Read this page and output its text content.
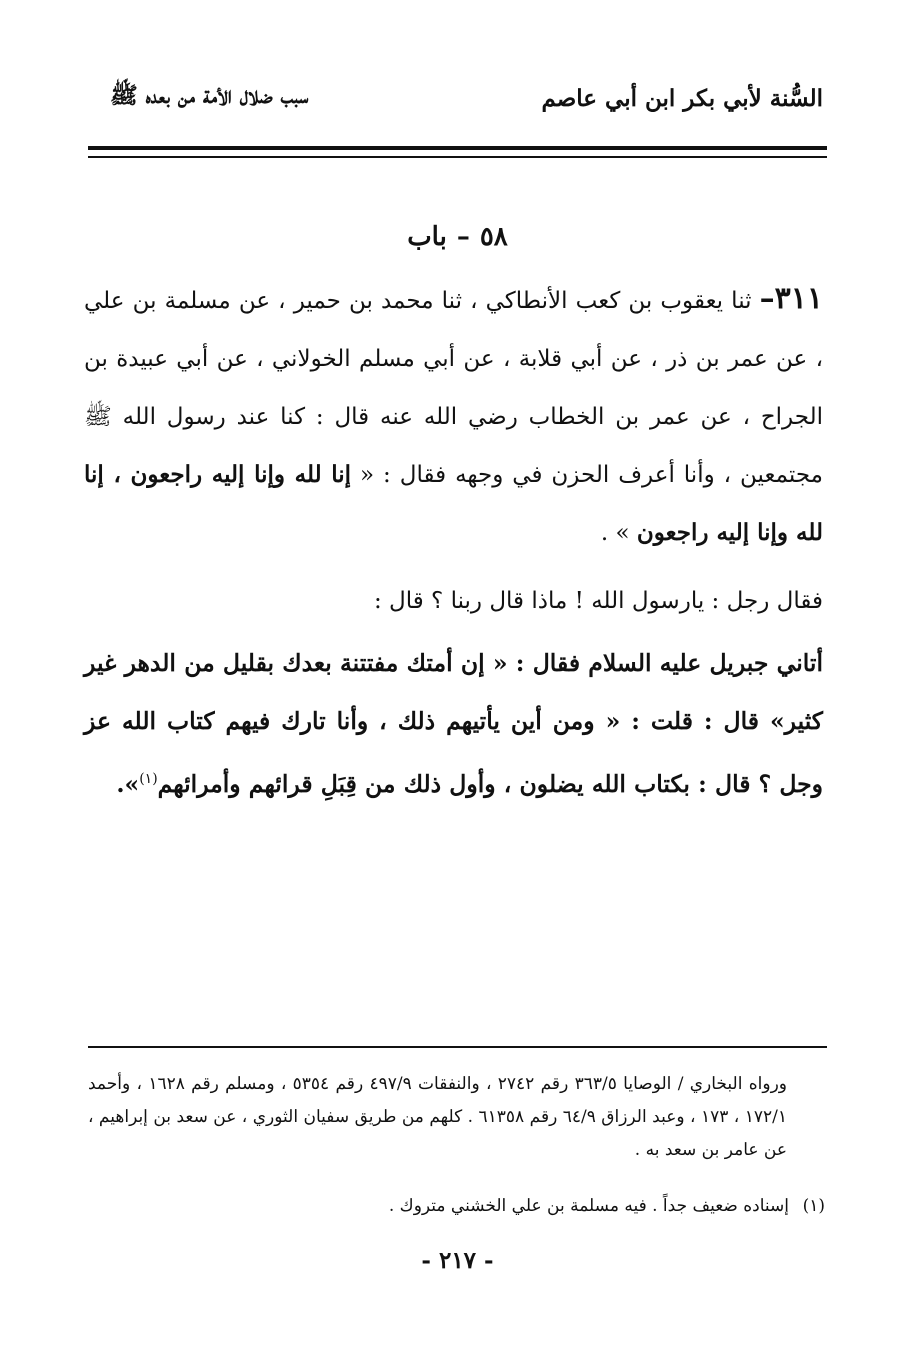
السُّنة لأبي بكر ابن أبي عاصم
سبب ضلال الأمة من بعده ﷺ
٥٨–باب
٣١١– ثنا يعقوب بن كعب الأنطاكي ، ثنا محمد بن حمير ، عن مسلمة بن علي ، عن عمر بن ذر ، عن أبي قلابة ، عن أبي مسلم الخولاني ، عن أبي عبيدة بن الجراح ، عن عمر بن الخطاب رضي الله عنه قال : كنا عند رسول الله ﷺ مجتمعين ، وأنا أعرف الحزن في وجهه فقال : « إنا لله وإنا إليه راجعون ، إنا لله وإنا إليه راجعون » .
فقال رجل : يارسول الله ! ماذا قال ربنا ؟ قال :
أتاني جبريل عليه السلام فقال : « إن أمتك مفتتنة بعدك بقليل من الدهر غير كثير» قال : قلت : « ومن أين يأتيهم ذلك ، وأنا تارك فيهم كتاب الله عز وجل ؟ قال : بكتاب الله يضلون ، وأول ذلك من قِبَلِ قرائهم وأمرائهم$^{(١)}$».
ورواه البخاري / الوصايا ٣٦٣/٥ رقم ٢٧٤٢ ، والنفقات ٤٩٧/٩ رقم ٥٣٥٤ ، ومسلم رقم ١٦٢٨ ، وأحمد ١٧٢/١ ، ١٧٣ ، وعبد الرزاق ٦٤/٩ رقم ٦١٣٥٨ . كلهم من طريق سفيان الثوري ، عن سعد بن إبراهيم ، عن عامر بن سعد به .
(١)إسناده ضعيف جداً . فيه مسلمة بن علي الخشني متروك .
- ٢١٧ -
